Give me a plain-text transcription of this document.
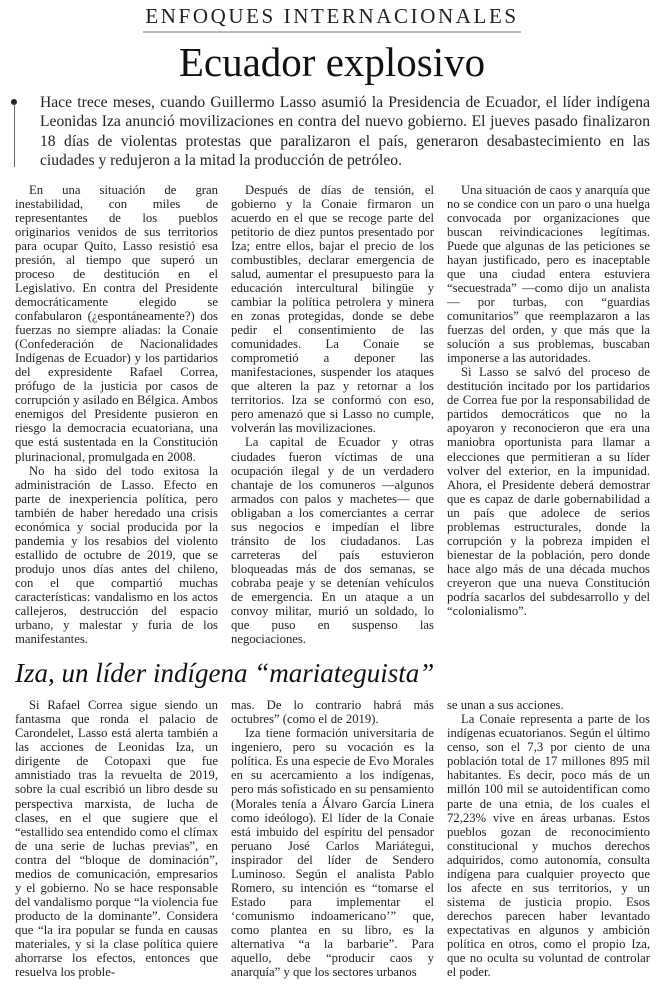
ENFOQUES INTERNACIONALES
Ecuador explosivo

Hace trece meses, cuando Guillermo Lasso asumió la Presidencia de Ecuador, el líder indígena Leonidas Iza anunció movilizaciones en contra del nuevo gobierno. El jueves pasado finalizaron 18 días de violentas protestas que paralizaron el país, generaron desabastecimiento en las ciudades y redujeron a la mitad la producción de petróleo.

En una situación de gran inestabilidad, con miles de representantes de los pueblos originarios venidos de sus territorios para ocupar Quito, Lasso resistió esa presión, al tiempo que superó un proceso de destitución en el Legislativo. En contra del Presidente democráticamente elegido se confabularon (¿espontáneamente?) dos fuerzas no siempre aliadas: la Conaie (Confederación de Nacionalidades Indígenas de Ecuador) y los partidarios del expresidente Rafael Correa, prófugo de la justicia por casos de corrupción y asilado en Bélgica. Ambos enemigos del Presidente pusieron en riesgo la democracia ecuatoriana, una que está sustentada en la Constitución plurinacional, promulgada en 2008.

No ha sido del todo exitosa la administración de Lasso. Efecto en parte de inexperiencia política, pero también de haber heredado una crisis económica y social producida por la pandemia y los resabios del violento estallido de octubre de 2019, que se produjo unos días antes del chileno, con el que compartió muchas características: vandalismo en los actos callejeros, destrucción del espacio urbano, y malestar y furia de los manifestantes.

Después de días de tensión, el gobierno y la Conaie firmaron un acuerdo en el que se recoge parte del petitorio de diez puntos presentado por Iza; entre ellos, bajar el precio de los combustibles, declarar emergencia de salud, aumentar el presupuesto para la educación intercultural bilingüe y cambiar la política petrolera y minera en zonas protegidas, donde se debe pedir el consentimiento de las comunidades. La Conaie se comprometió a deponer las manifestaciones, suspender los ataques que alteren la paz y retornar a los territorios. Iza se conformó con eso, pero amenazó que si Lasso no cumple, volverán las movilizaciones.

La capital de Ecuador y otras ciudades fueron víctimas de una ocupación ilegal y de un verdadero chantaje de los comuneros —algunos armados con palos y machetes— que obligaban a los comerciantes a cerrar sus negocios e impedían el libre tránsito de los ciudadanos. Las carreteras del país estuvieron bloqueadas más de dos semanas, se cobraba peaje y se detenían vehículos de emergencia. En un ataque a un convoy militar, murió un soldado, lo que puso en suspenso las negociaciones.

Una situación de caos y anarquía que no se condice con un paro o una huelga convocada por organizaciones que buscan reivindicaciones legítimas. Puede que algunas de las peticiones se hayan justificado, pero es inaceptable que una ciudad entera estuviera “secuestrada” —como dijo un analista— por turbas, con “guardias comunitarios” que reemplazaron a las fuerzas del orden, y que más que la solución a sus problemas, buscaban imponerse a las autoridades.

Si Lasso se salvó del proceso de destitución incitado por los partidarios de Correa fue por la responsabilidad de partidos democráticos que no la apoyaron y reconocieron que era una maniobra oportunista para llamar a elecciones que permitieran a su líder volver del exterior, en la impunidad. Ahora, el Presidente deberá demostrar que es capaz de darle gobernabilidad a un país que adolece de serios problemas estructurales, donde la corrupción y la pobreza impiden el bienestar de la población, pero donde hace algo más de una década muchos creyeron que una nueva Constitución podría sacarlos del subdesarrollo y del “colonialismo”.

Iza, un líder indígena “mariateguista”

Si Rafael Correa sigue siendo un fantasma que ronda el palacio de Carondelet, Lasso está alerta también a las acciones de Leonidas Iza, un dirigente de Cotopaxi que fue amnistiado tras la revuelta de 2019, sobre la cual escribió un libro desde su perspectiva marxista, de lucha de clases, en el que sugiere que el “estallido sea entendido como el clímax de una serie de luchas previas”, en contra del “bloque de dominación”, medios de comunicación, empresarios y el gobierno. No se hace responsable del vandalismo porque “la violencia fue producto de la dominante”. Considera que “la ira popular se funda en causas materiales, y si la clase política quiere ahorrarse los efectos, entonces que resuelva los proble-

mas. De lo contrario habrá más octubres” (como el de 2019).

Iza tiene formación universitaria de ingeniero, pero su vocación es la política. Es una especie de Evo Morales en su acercamiento a los indígenas, pero más sofisticado en su pensamiento (Morales tenía a Álvaro García Linera como ideólogo). El líder de la Conaie está imbuido del espíritu del pensador peruano José Carlos Mariátegui, inspirador del líder de Sendero Luminoso. Según el analista Pablo Romero, su intención es “tomarse el Estado para implementar el ‘comunismo indoamericano’” que, como plantea en su libro, es la alternativa “a la barbarie”. Para aquello, debe “producir caos y anarquía” y que los sectores urbanos

se unan a sus acciones.

La Conaie representa a parte de los indígenas ecuatorianos. Según el último censo, son el 7,3 por ciento de una población total de 17 millones 895 mil habitantes. Es decir, poco más de un millón 100 mil se autoidentifican como parte de una etnia, de los cuales el 72,23% vive en áreas urbanas. Estos pueblos gozan de reconocimiento constitucional y muchos derechos adquiridos, como autonomía, consulta indígena para cualquier proyecto que los afecte en sus territorios, y un sistema de justicia propio. Esos derechos parecen haber levantado expectativas en algunos y ambición política en otros, como el propio Iza, que no oculta su voluntad de controlar el poder.
